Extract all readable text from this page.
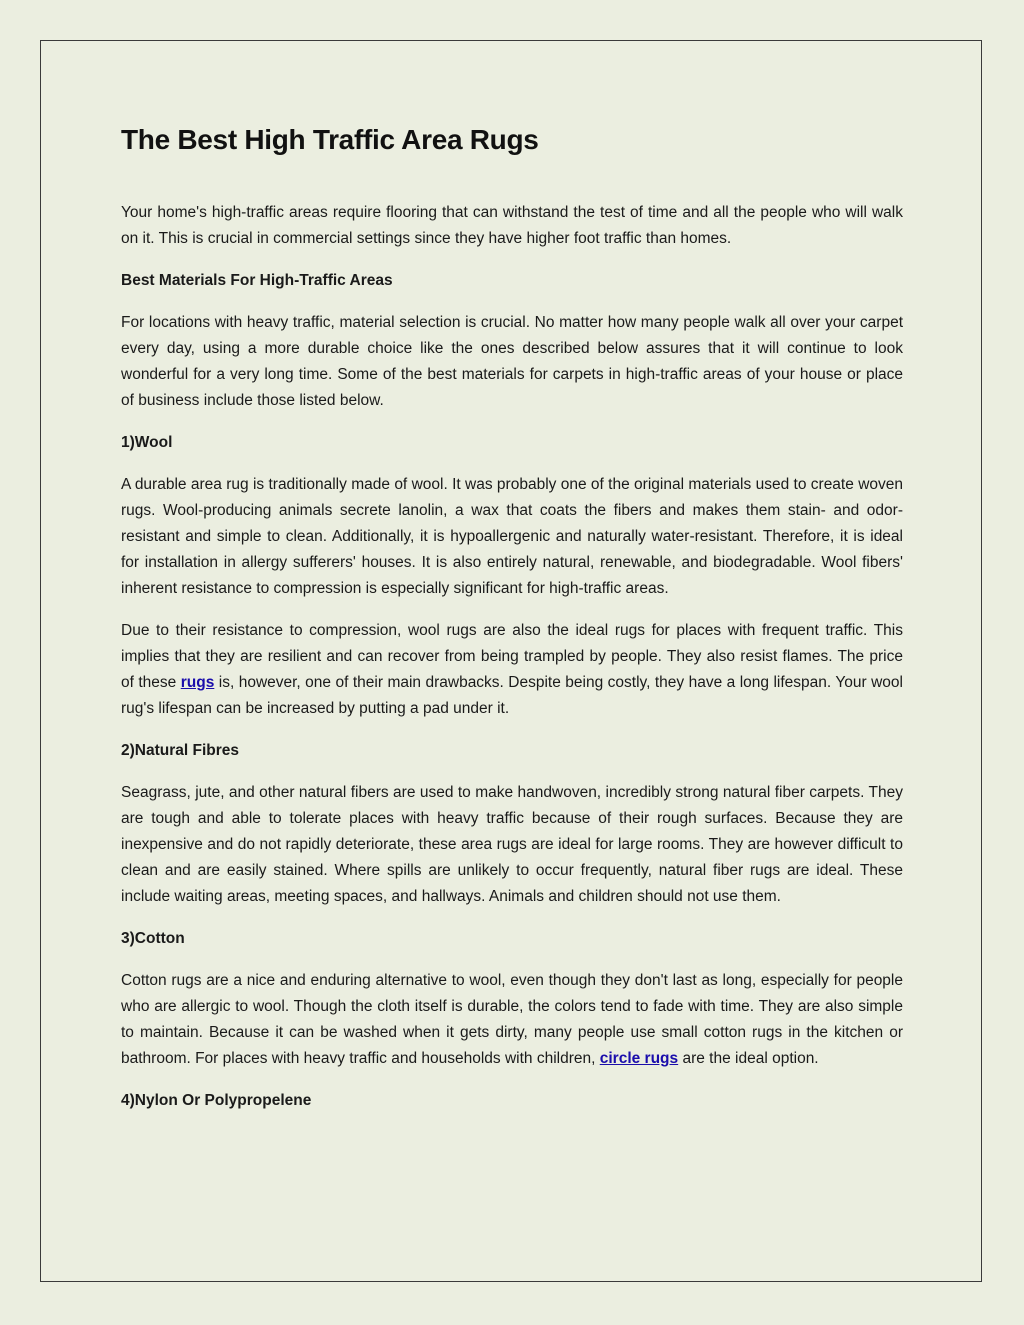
The Best High Traffic Area Rugs

Your home's high-traffic areas require flooring that can withstand the test of time and all the people who will walk on it. This is crucial in commercial settings since they have higher foot traffic than homes.

Best Materials For High-Traffic Areas

For locations with heavy traffic, material selection is crucial. No matter how many people walk all over your carpet every day, using a more durable choice like the ones described below assures that it will continue to look wonderful for a very long time. Some of the best materials for carpets in high-traffic areas of your house or place of business include those listed below.

1)Wool

A durable area rug is traditionally made of wool. It was probably one of the original materials used to create woven rugs. Wool-producing animals secrete lanolin, a wax that coats the fibers and makes them stain- and odor-resistant and simple to clean. Additionally, it is hypoallergenic and naturally water-resistant. Therefore, it is ideal for installation in allergy sufferers' houses. It is also entirely natural, renewable, and biodegradable. Wool fibers' inherent resistance to compression is especially significant for high-traffic areas.

Due to their resistance to compression, wool rugs are also the ideal rugs for places with frequent traffic. This implies that they are resilient and can recover from being trampled by people. They also resist flames. The price of these rugs is, however, one of their main drawbacks. Despite being costly, they have a long lifespan. Your wool rug's lifespan can be increased by putting a pad under it.

2)Natural Fibres

Seagrass, jute, and other natural fibers are used to make handwoven, incredibly strong natural fiber carpets. They are tough and able to tolerate places with heavy traffic because of their rough surfaces. Because they are inexpensive and do not rapidly deteriorate, these area rugs are ideal for large rooms. They are however difficult to clean and are easily stained. Where spills are unlikely to occur frequently, natural fiber rugs are ideal. These include waiting areas, meeting spaces, and hallways. Animals and children should not use them.

3)Cotton

Cotton rugs are a nice and enduring alternative to wool, even though they don't last as long, especially for people who are allergic to wool. Though the cloth itself is durable, the colors tend to fade with time. They are also simple to maintain. Because it can be washed when it gets dirty, many people use small cotton rugs in the kitchen or bathroom. For places with heavy traffic and households with children, circle rugs are the ideal option.

4)Nylon Or Polypropelene
